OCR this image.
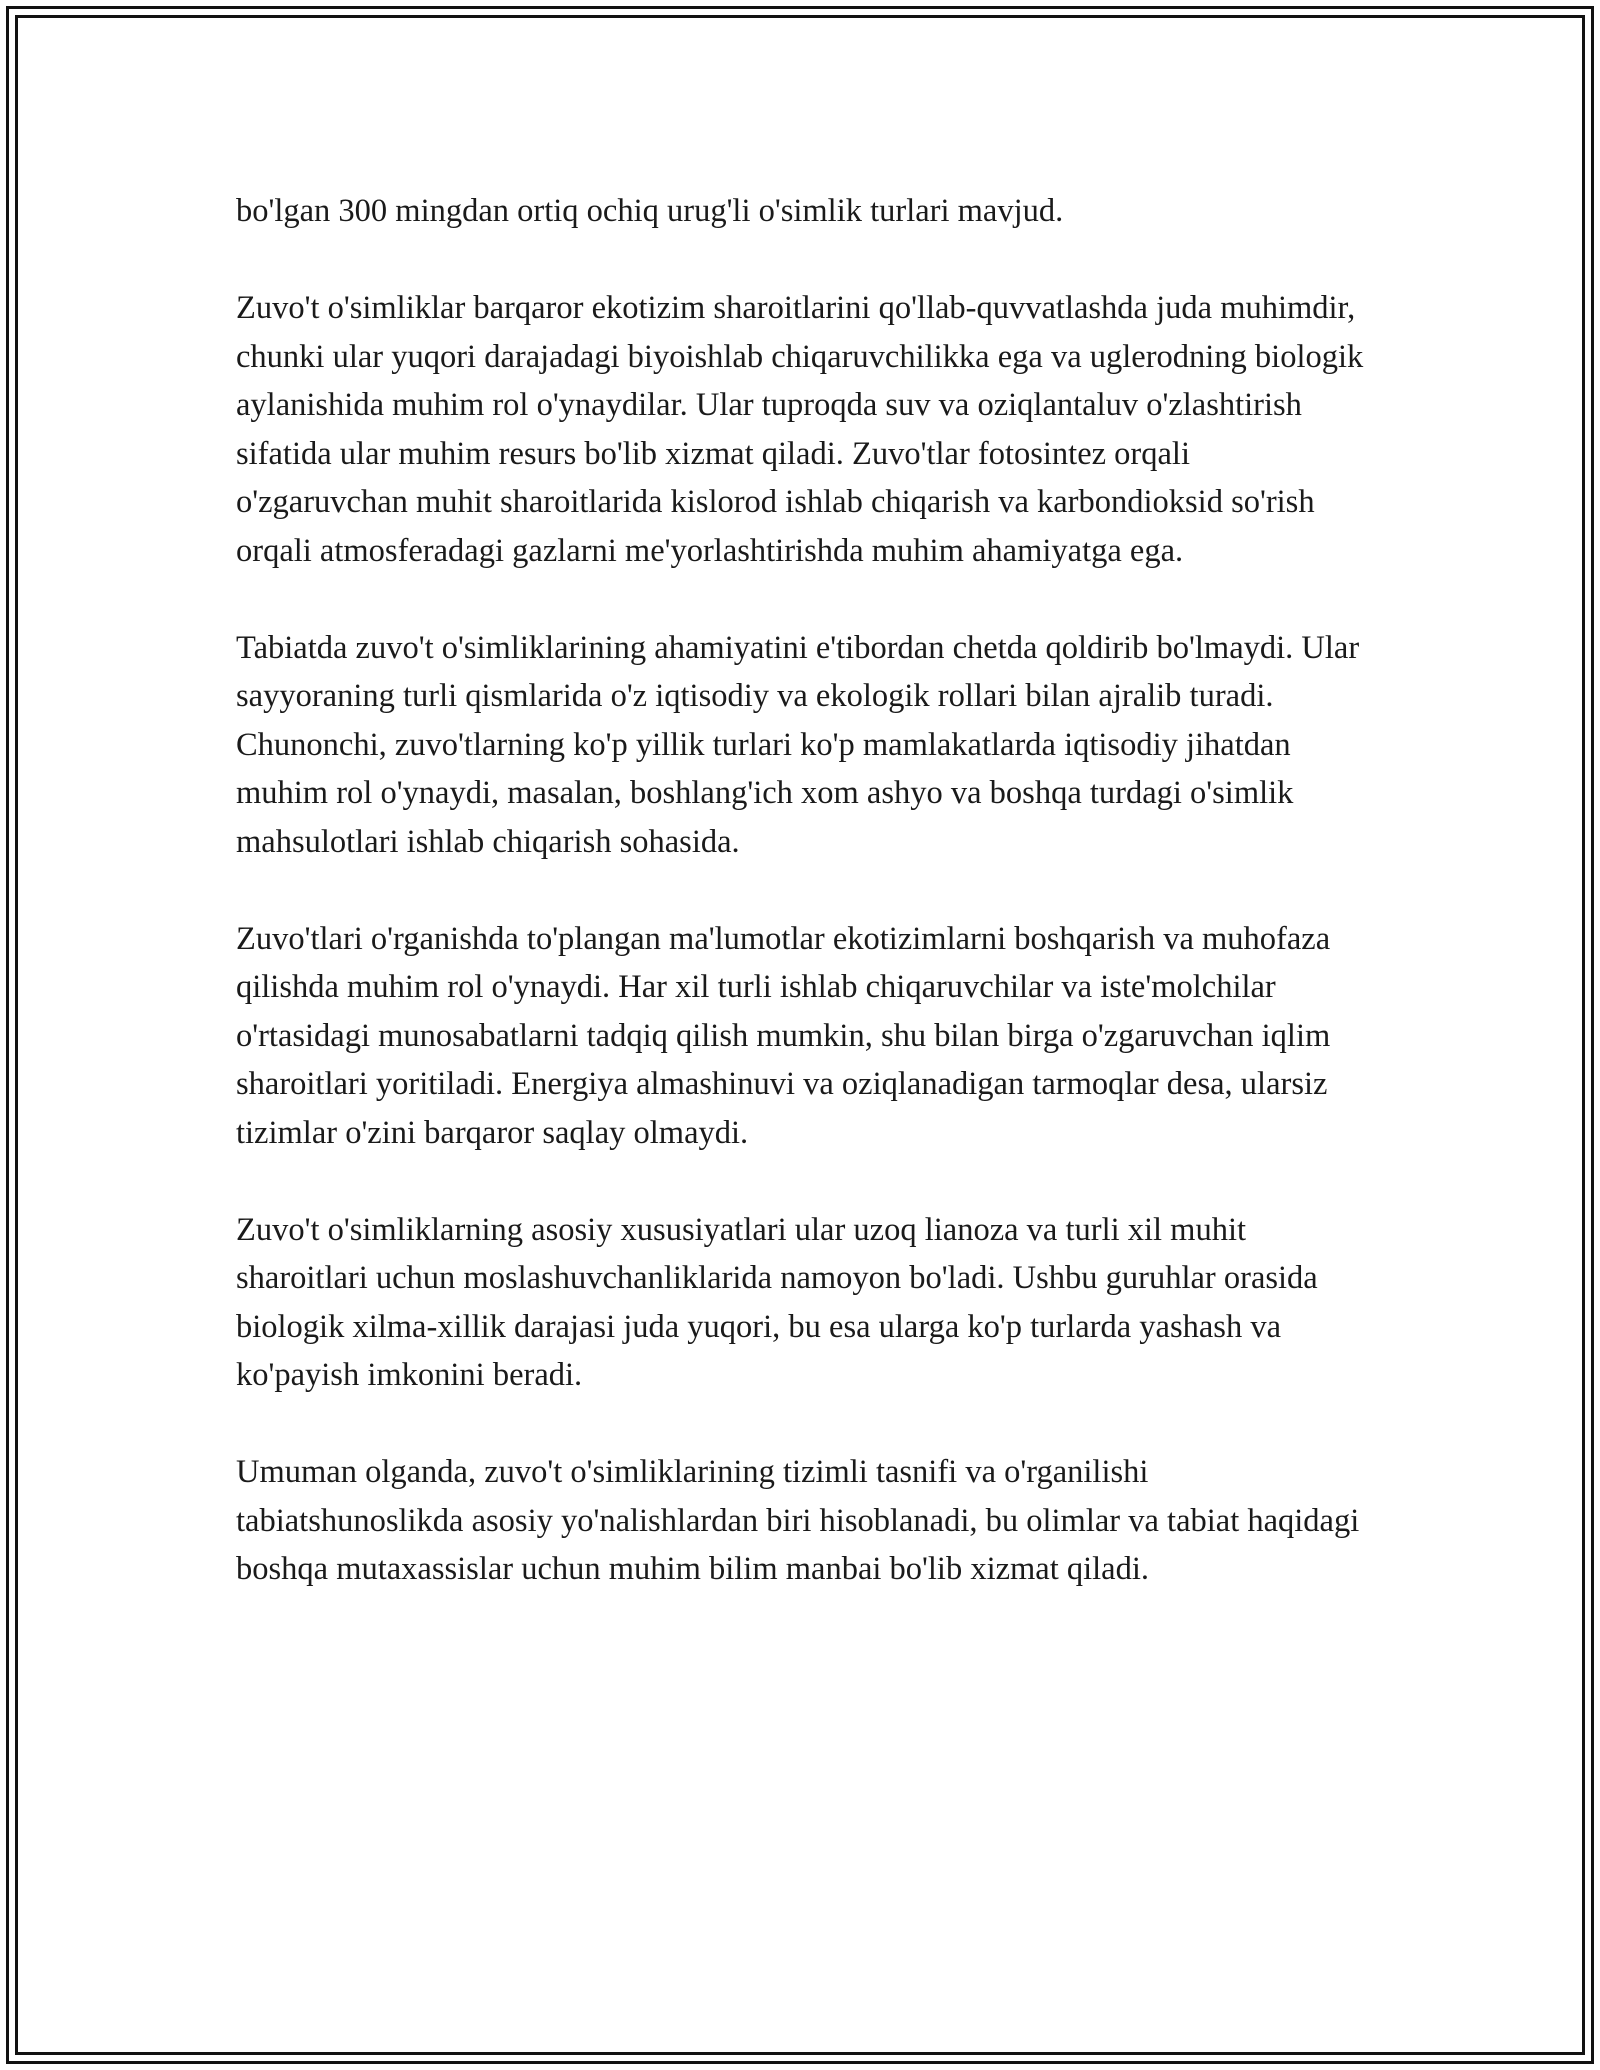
bo'lgan 300 mingdan ortiq ochiq urug'li o'simlik turlari mavjud.

Zuvo't o'simliklar barqaror ekotizim sharoitlarini qo'llab-quvvatlashda juda muhimdir, chunki ular yuqori darajadagi biyoishlab chiqaruvchilikka ega va uglerodning biologik aylanishida muhim rol o'ynaydilar. Ular tuproqda suv va oziqlantaluv o'zlashtirish sifatida ular muhim resurs bo'lib xizmat qiladi. Zuvo'tlar fotosintez orqali o'zgaruvchan muhit sharoitlarida kislorod ishlab chiqarish va karbondioksid so'rish orqali atmosferadagi gazlarni me'yorlashtirishda muhim ahamiyatga ega.

Tabiatda zuvo't o'simliklarining ahamiyatini e'tibordan chetda qoldirib bo'lmaydi. Ular sayyoraning turli qismlarida o'z iqtisodiy va ekologik rollari bilan ajralib turadi. Chunonchi, zuvo'tlarning ko'p yillik turlari ko'p mamlakatlarda iqtisodiy jihatdan muhim rol o'ynaydi, masalan, boshlang'ich xom ashyo va boshqa turdagi o'simlik mahsulotlari ishlab chiqarish sohasida.

Zuvo'tlari o'rganishda to'plangan ma'lumotlar ekotizimlarni boshqarish va muhofaza qilishda muhim rol o'ynaydi. Har xil turli ishlab chiqaruvchilar va iste'molchilar o'rtasidagi munosabatlarni tadqiq qilish mumkin, shu bilan birga o'zgaruvchan iqlim sharoitlari yoritiladi. Energiya almashinuvi va oziqlanadigan tarmoqlar desa, ularsiz tizimlar o'zini barqaror saqlay olmaydi.

Zuvo't o'simliklarning asosiy xususiyatlari ular uzoq lianoza va turli xil muhit sharoitlari uchun moslashuvchanliklarida namoyon bo'ladi. Ushbu guruhlar orasida biologik xilma-xillik darajasi juda yuqori, bu esa ularga ko'p turlarda yashash va ko'payish imkonini beradi.

Umuman olganda, zuvo't o'simliklarining tizimli tasnifi va o'rganilishi tabiatshunoslikda asosiy yo'nalishlardan biri hisoblanadi, bu olimlar va tabiat haqidagi boshqa mutaxassislar uchun muhim bilim manbai bo'lib xizmat qiladi.
